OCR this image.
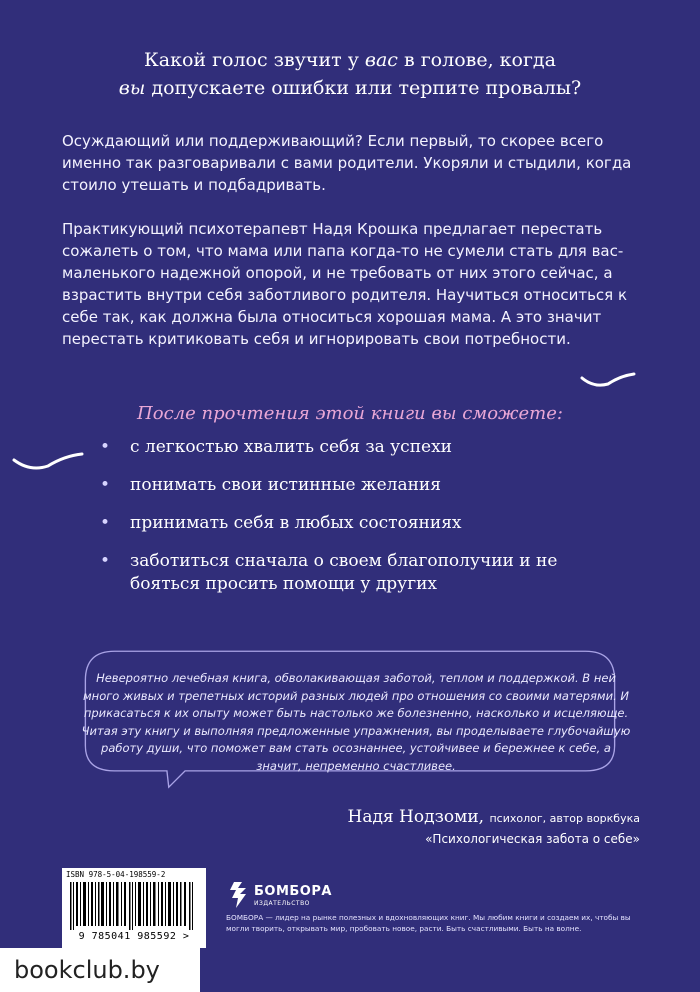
Какой голос звучит у вас в голове, когда
вы допускаете ошибки или терпите провалы?
Осуждающий или поддерживающий? Если первый, то скорее всего именно так разговаривали с вами родители. Укоряли и стыдили, когда стоило утешать и подбадривать.
Практикующий психотерапевт Надя Крошка предлагает перестать сожалеть о том, что мама или папа когда-то не сумели стать для вас-маленького надежной опорой, и не требовать от них этого сейчас, а взрастить внутри себя заботливого родителя. Научиться относиться к себе так, как должна была относиться хорошая мама. А это значит перестать критиковать себя и игнорировать свои потребности.
После прочтения этой книги вы сможете:
• с легкостью хвалить себя за успехи
• понимать свои истинные желания
• принимать себя в любых состояниях
• заботиться сначала о своем благополучии и не бояться просить помощи у других
Невероятно лечебная книга, обволакивающая заботой, теплом и поддержкой. В ней много живых и трепетных историй разных людей про отношения со своими матерями. И прикасаться к их опыту может быть настолько же болезненно, насколько и исцеляюще. Читая эту книгу и выполняя предложенные упражнения, вы проделываете глубочайшую работу души, что поможет вам стать осознаннее, устойчивее и бережнее к себе, а значит, непременно счастливее.
Надя Нодзоми, психолог, автор воркбука
«Психологическая забота о себе»
ISBN 978-5-04-198559-2
9 785041 985592 >
БОМБОРА
ИЗДАТЕЛЬСТВО
БОМБОРА — лидер на рынке полезных и вдохновляющих книг. Мы любим книги и создаем их, чтобы вы могли творить, открывать мир, пробовать новое, расти. Быть счастливыми. Быть на волне.
bookclub.by
